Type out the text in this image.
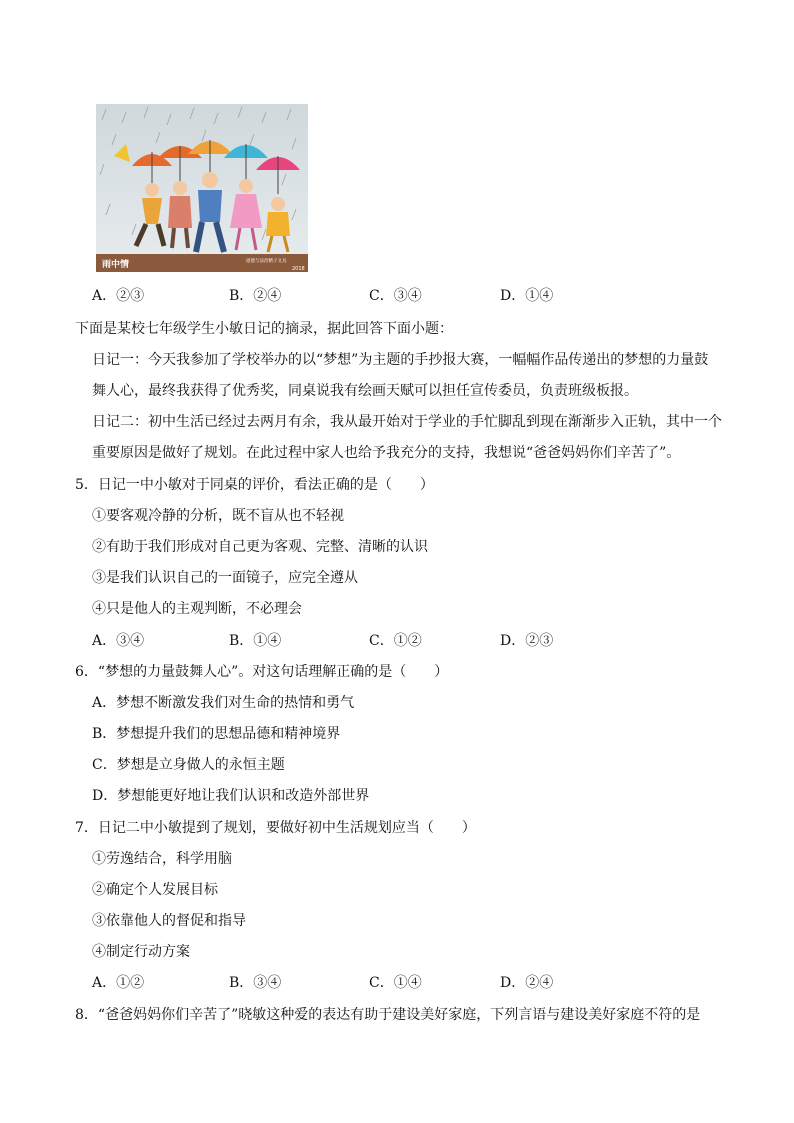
雨中情	道德与法治精子文具
2018
A．②③	B．②④	C．③④	D．①④
下面是某校七年级学生小敏日记的摘录，据此回答下面小题：
日记一：今天我参加了学校举办的以“梦想”为主题的手抄报大赛，一幅幅作品传递出的梦想的力量鼓
舞人心，最终我获得了优秀奖，同桌说我有绘画天赋可以担任宣传委员，负责班级板报。
日记二：初中生活已经过去两月有余，我从最开始对于学业的手忙脚乱到现在渐渐步入正轨，其中一个
重要原因是做好了规划。在此过程中家人也给予我充分的支持，我想说“爸爸妈妈你们辛苦了”。
5．日记一中小敏对于同桌的评价，看法正确的是（　　）
①要客观冷静的分析，既不盲从也不轻视
②有助于我们形成对自己更为客观、完整、清晰的认识
③是我们认识自己的一面镜子，应完全遵从
④只是他人的主观判断，不必理会
A．③④	B．①④	C．①②	D．②③
6．“梦想的力量鼓舞人心”。对这句话理解正确的是（　　）
A．梦想不断激发我们对生命的热情和勇气
B．梦想提升我们的思想品德和精神境界
C．梦想是立身做人的永恒主题
D．梦想能更好地让我们认识和改造外部世界
7．日记二中小敏提到了规划，要做好初中生活规划应当（　　）
①劳逸结合，科学用脑
②确定个人发展目标
③依靠他人的督促和指导
④制定行动方案
A．①②	B．③④	C．①④	D．②④
8．“爸爸妈妈你们辛苦了”晓敏这种爱的表达有助于建设美好家庭，下列言语与建设美好家庭不符的是
